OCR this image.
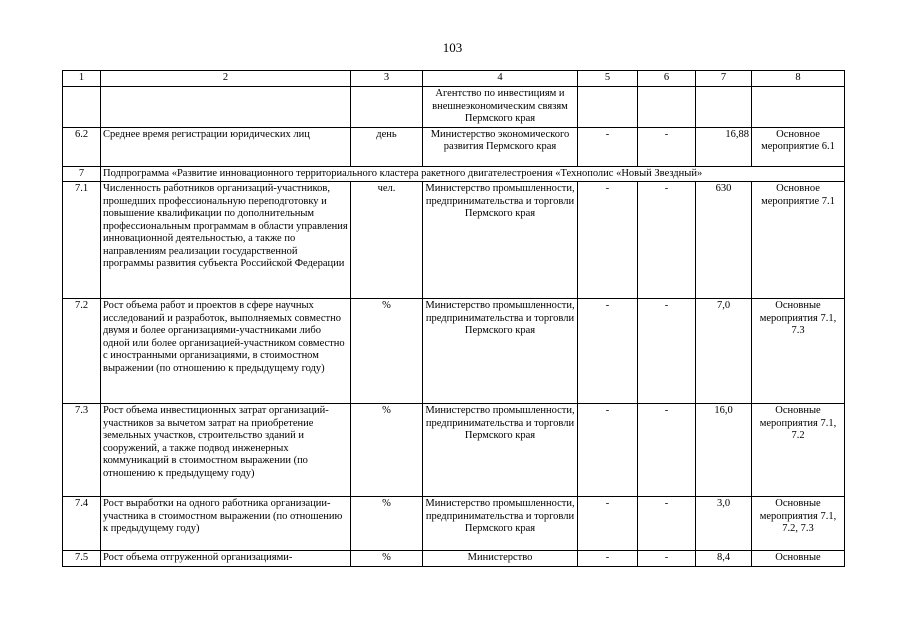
103
1	2	3	4	5	6	7	8
			Агентство по инвестициям и внешнеэкономическим связям Пермского края				
6.2	Среднее время регистрации юридических лиц	день	Министерство экономического развития Пермского края	-	-	16,88	Основное мероприятие 6.1
7	Подпрограмма «Развитие инновационного территориального кластера ракетного двигателестроения «Технополис «Новый Звездный»						
7.1	Численность работников организаций-участников, прошедших профессиональную переподготовку и повышение квалификации по дополнительным профессиональным программам в области управления инновационной деятельностью, а также по направлениям реализации государственной программы развития субъекта Российской Федерации	чел.	Министерство промышленности, предпринимательства и торговли Пермского края	-	-	630	Основное мероприятие 7.1
7.2	Рост объема работ и проектов в сфере научных исследований и разработок, выполняемых совместно двумя и более организациями-участниками либо одной или более организацией-участником совместно с иностранными организациями, в стоимостном выражении (по отношению к предыдущему году)	%	Министерство промышленности, предпринимательства и торговли Пермского края	-	-	7,0	Основные мероприятия 7.1, 7.3
7.3	Рост объема инвестиционных затрат организаций-участников за вычетом затрат на приобретение земельных участков, строительство зданий и сооружений, а также подвод инженерных коммуникаций в стоимостном выражении (по отношению к предыдущему году)	%	Министерство промышленности, предпринимательства и торговли Пермского края	-	-	16,0	Основные мероприятия 7.1, 7.2
7.4	Рост выработки на одного работника организации-участника в стоимостном выражении (по отношению к предыдущему году)	%	Министерство промышленности, предпринимательства и торговли Пермского края	-	-	3,0	Основные мероприятия 7.1, 7.2, 7.3
7.5	Рост объема отгруженной организациями-	%	Министерство	-	-	8,4	Основные
